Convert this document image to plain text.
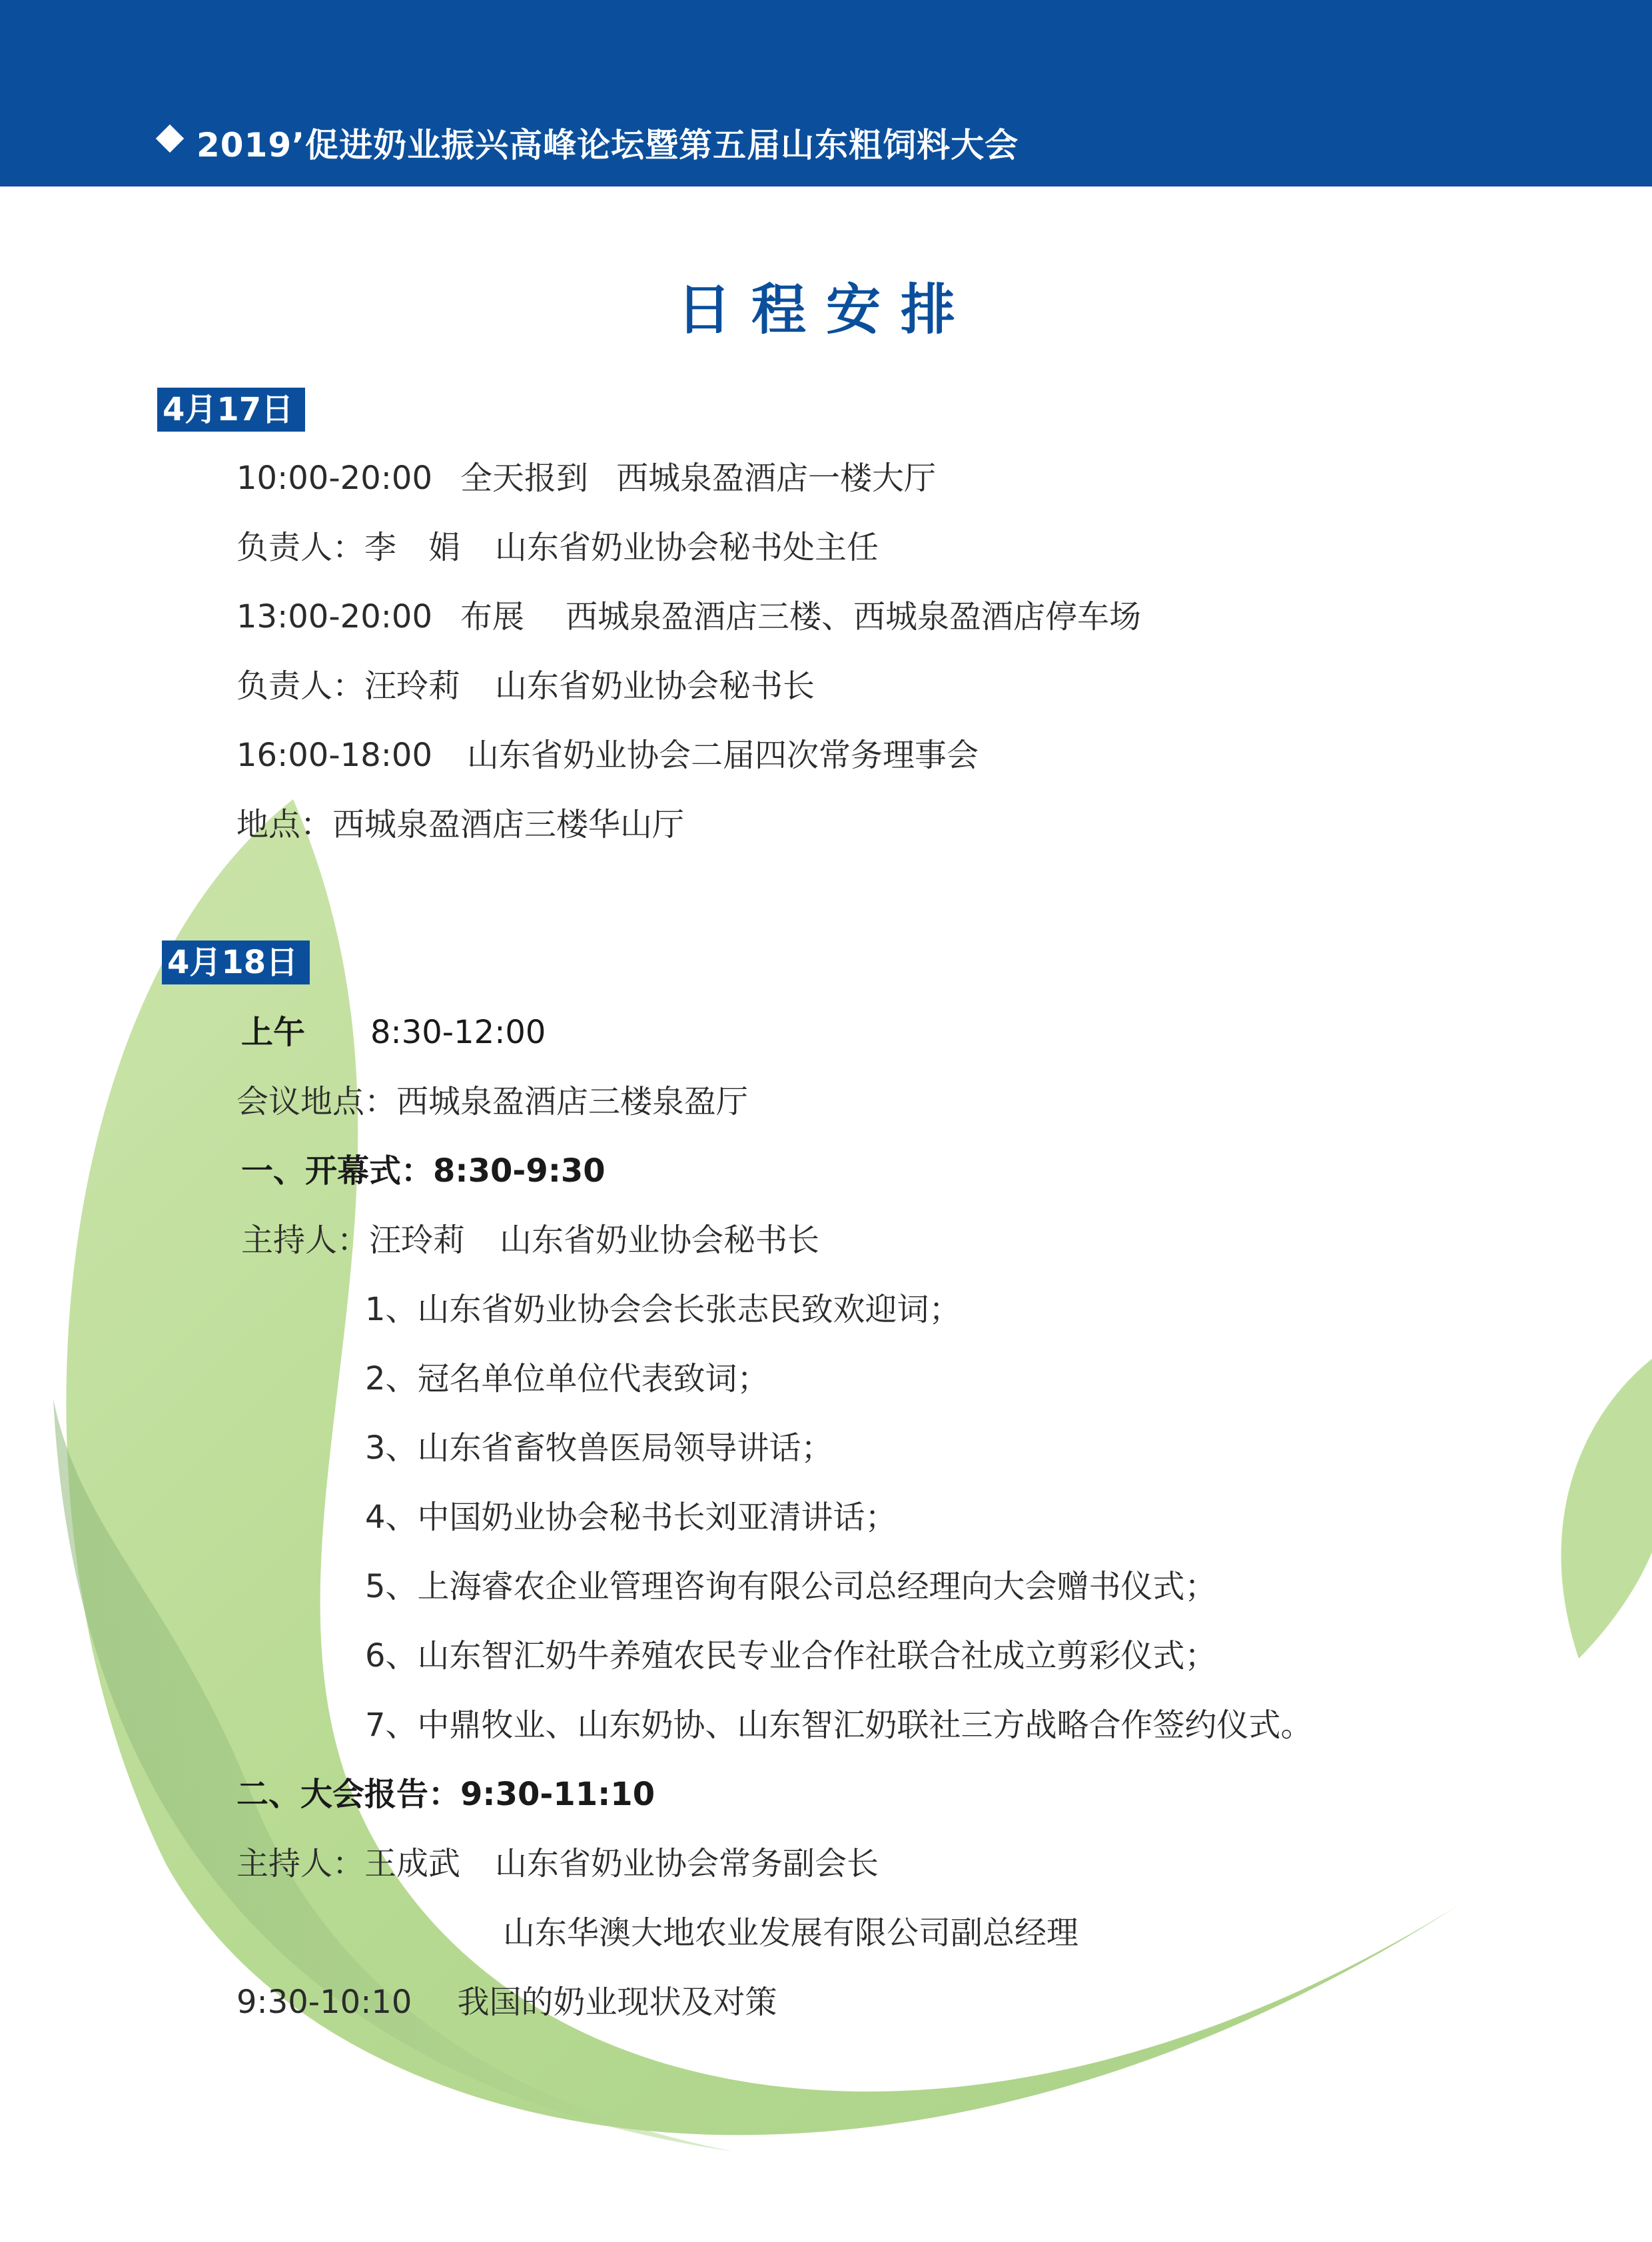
2019’促进奶业振兴高峰论坛暨第五届山东粗饲料大会
日程安排
4月17日
10:00-20:00 全天报到 西城泉盈酒店一楼大厅
负责人：李　娟 山东省奶业协会秘书处主任
13:00-20:00 布展 西城泉盈酒店三楼、西城泉盈酒店停车场
负责人：汪玲莉 山东省奶业协会秘书长
16:00-18:00 山东省奶业协会二届四次常务理事会
地点：西城泉盈酒店三楼华山厅
4月18日
上午 8:30-12:00
会议地点：西城泉盈酒店三楼泉盈厅
一、开幕式：8:30-9:30
主持人：汪玲莉 山东省奶业协会秘书长
1、山东省奶业协会会长张志民致欢迎词；
2、冠名单位单位代表致词；
3、山东省畜牧兽医局领导讲话；
4、中国奶业协会秘书长刘亚清讲话；
5、上海睿农企业管理咨询有限公司总经理向大会赠书仪式；
6、山东智汇奶牛养殖农民专业合作社联合社成立剪彩仪式；
7、中鼎牧业、山东奶协、山东智汇奶联社三方战略合作签约仪式。
二、大会报告：9:30-11:10
主持人：王成武 山东省奶业协会常务副会长
山东华澳大地农业发展有限公司副总经理
9:30-10:10 我国的奶业现状及对策
